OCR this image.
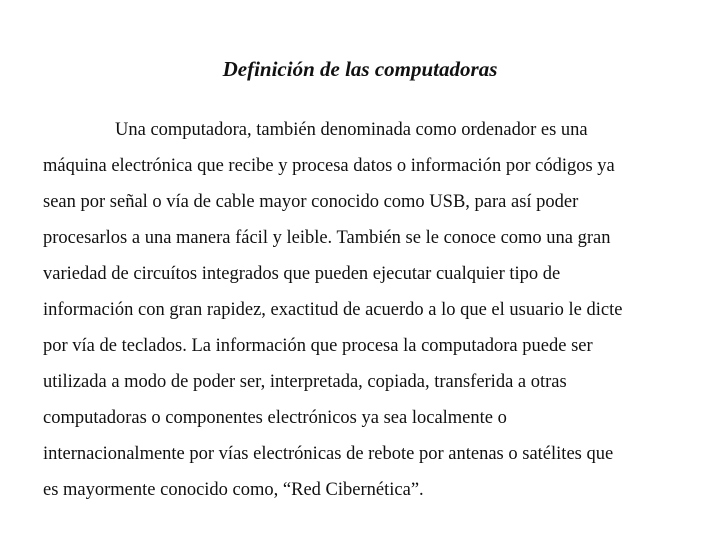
Definición de las computadoras

Una computadora, también denominada como ordenador es una

máquina electrónica que recibe y procesa datos o información por códigos ya

sean por señal o vía de cable mayor conocido como USB, para así poder

procesarlos a una manera fácil y leible. También se le conoce como una gran

variedad de circuítos integrados que pueden ejecutar cualquier tipo de

información con gran rapidez, exactitud de acuerdo a lo que el usuario le dicte

por vía de teclados. La información que procesa la computadora puede ser

utilizada a modo de poder ser, interpretada, copiada, transferida a otras

computadoras o componentes electrónicos ya sea localmente o

internacionalmente por vías electrónicas de rebote por antenas o satélites que

es mayormente conocido como, “Red Cibernética”.
